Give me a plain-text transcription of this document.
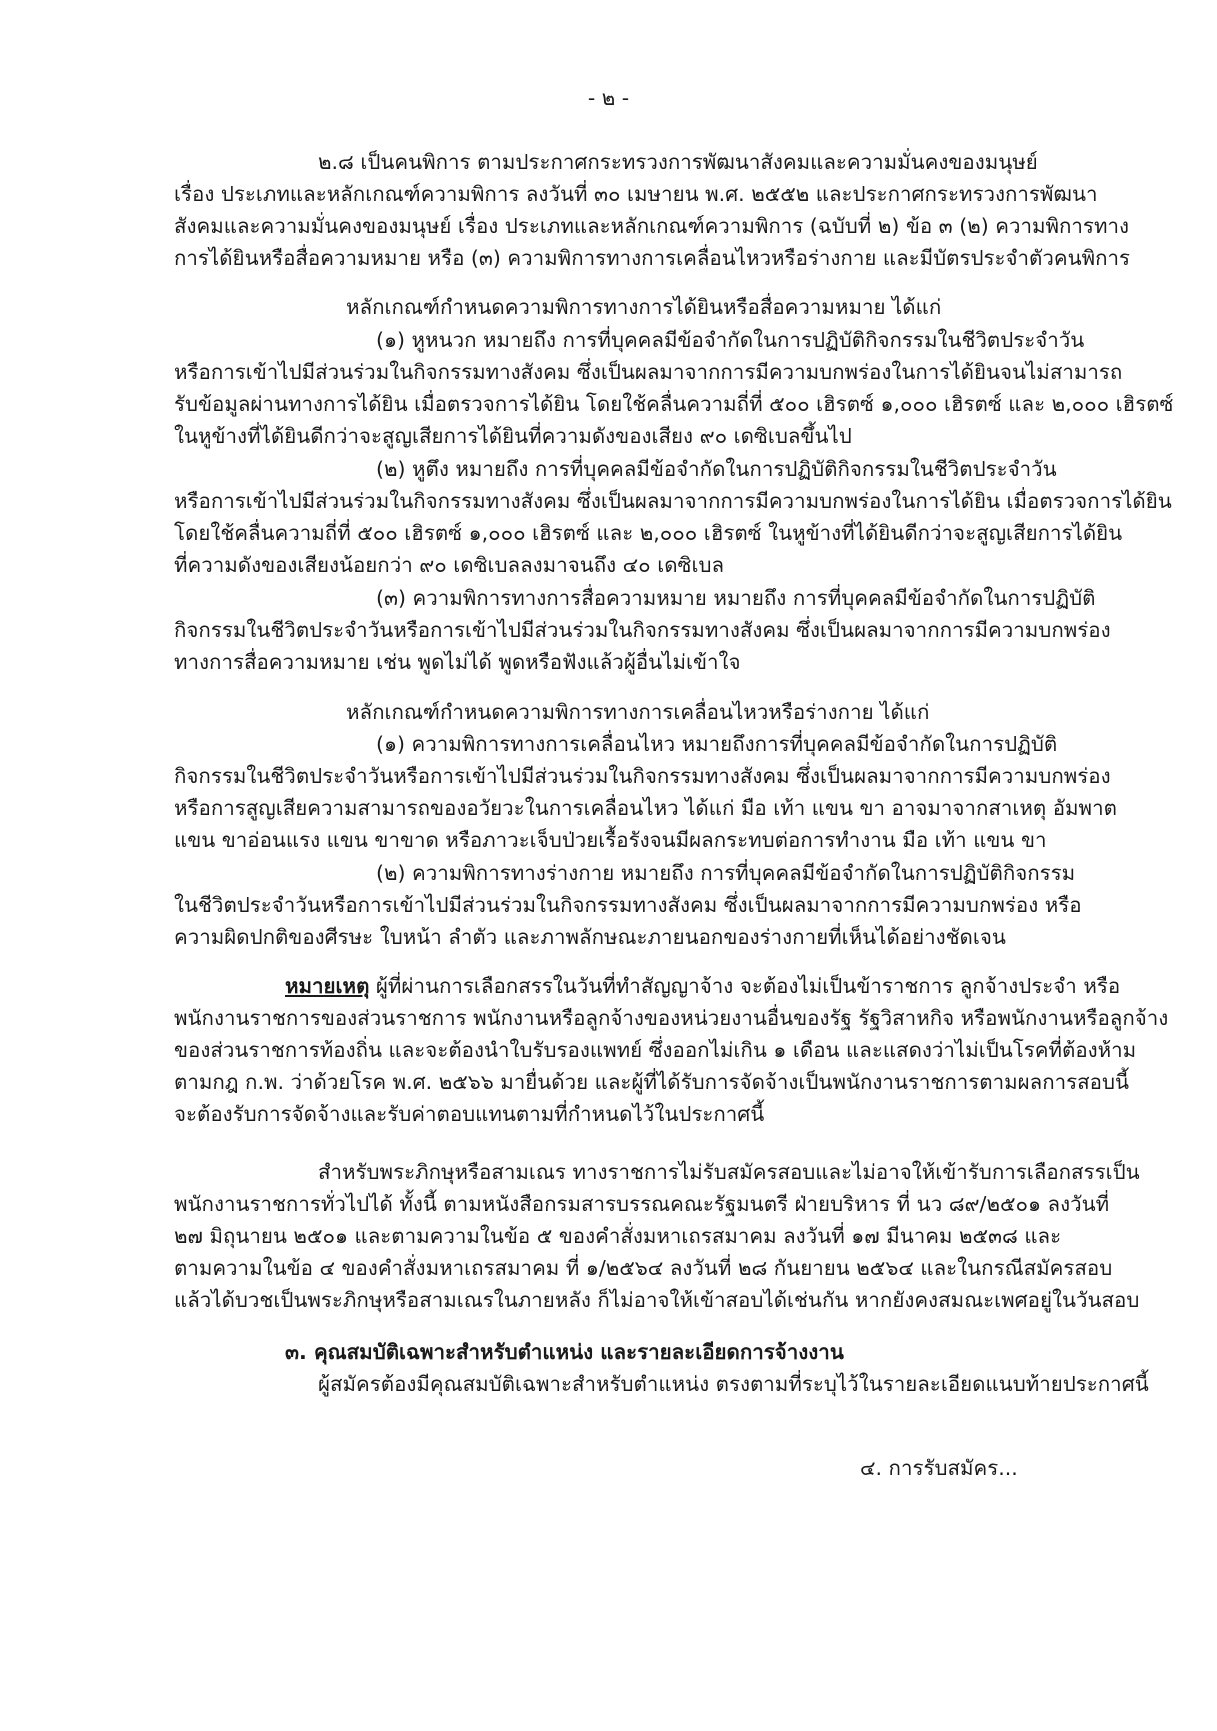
- ๒ -
๒.๘ เป็นคนพิการ ตามประกาศกระทรวงการพัฒนาสังคมและความมั่นคงของมนุษย์
เรื่อง ประเภทและหลักเกณฑ์ความพิการ ลงวันที่ ๓๐ เมษายน พ.ศ. ๒๕๕๒ และประกาศกระทรวงการพัฒนา
สังคมและความมั่นคงของมนุษย์ เรื่อง ประเภทและหลักเกณฑ์ความพิการ (ฉบับที่ ๒) ข้อ ๓ (๒) ความพิการทาง
การได้ยินหรือสื่อความหมาย หรือ (๓) ความพิการทางการเคลื่อนไหวหรือร่างกาย และมีบัตรประจำตัวคนพิการ
หลักเกณฑ์กำหนดความพิการทางการได้ยินหรือสื่อความหมาย ได้แก่
(๑) หูหนวก หมายถึง การที่บุคคลมีข้อจำกัดในการปฏิบัติกิจกรรมในชีวิตประจำวัน
หรือการเข้าไปมีส่วนร่วมในกิจกรรมทางสังคม ซึ่งเป็นผลมาจากการมีความบกพร่องในการได้ยินจนไม่สามารถ
รับข้อมูลผ่านทางการได้ยิน เมื่อตรวจการได้ยิน โดยใช้คลื่นความถี่ที่ ๕๐๐ เฮิรตซ์ ๑,๐๐๐ เฮิรตซ์ และ ๒,๐๐๐ เฮิรตซ์
ในหูข้างที่ได้ยินดีกว่าจะสูญเสียการได้ยินที่ความดังของเสียง ๙๐ เดซิเบลขึ้นไป
(๒) หูตึง หมายถึง การที่บุคคลมีข้อจำกัดในการปฏิบัติกิจกรรมในชีวิตประจำวัน
หรือการเข้าไปมีส่วนร่วมในกิจกรรมทางสังคม ซึ่งเป็นผลมาจากการมีความบกพร่องในการได้ยิน เมื่อตรวจการได้ยิน
โดยใช้คลื่นความถี่ที่ ๕๐๐ เฮิรตซ์ ๑,๐๐๐ เฮิรตซ์ และ ๒,๐๐๐ เฮิรตซ์ ในหูข้างที่ได้ยินดีกว่าจะสูญเสียการได้ยิน
ที่ความดังของเสียงน้อยกว่า ๙๐ เดซิเบลลงมาจนถึง ๔๐ เดซิเบล
(๓) ความพิการทางการสื่อความหมาย หมายถึง การที่บุคคลมีข้อจำกัดในการปฏิบัติ
กิจกรรมในชีวิตประจำวันหรือการเข้าไปมีส่วนร่วมในกิจกรรมทางสังคม ซึ่งเป็นผลมาจากการมีความบกพร่อง
ทางการสื่อความหมาย เช่น พูดไม่ได้ พูดหรือฟังแล้วผู้อื่นไม่เข้าใจ
หลักเกณฑ์กำหนดความพิการทางการเคลื่อนไหวหรือร่างกาย ได้แก่
(๑) ความพิการทางการเคลื่อนไหว หมายถึงการที่บุคคลมีข้อจำกัดในการปฏิบัติ
กิจกรรมในชีวิตประจำวันหรือการเข้าไปมีส่วนร่วมในกิจกรรมทางสังคม ซึ่งเป็นผลมาจากการมีความบกพร่อง
หรือการสูญเสียความสามารถของอวัยวะในการเคลื่อนไหว ได้แก่ มือ เท้า แขน ขา อาจมาจากสาเหตุ อัมพาต
แขน ขาอ่อนแรง แขน ขาขาด หรือภาวะเจ็บป่วยเรื้อรังจนมีผลกระทบต่อการทำงาน มือ เท้า แขน ขา
(๒) ความพิการทางร่างกาย หมายถึง การที่บุคคลมีข้อจำกัดในการปฏิบัติกิจกรรม
ในชีวิตประจำวันหรือการเข้าไปมีส่วนร่วมในกิจกรรมทางสังคม ซึ่งเป็นผลมาจากการมีความบกพร่อง หรือ
ความผิดปกติของศีรษะ ใบหน้า ลำตัว และภาพลักษณะภายนอกของร่างกายที่เห็นได้อย่างชัดเจน
หมายเหตุ ผู้ที่ผ่านการเลือกสรรในวันที่ทำสัญญาจ้าง จะต้องไม่เป็นข้าราชการ ลูกจ้างประจำ หรือ
พนักงานราชการของส่วนราชการ พนักงานหรือลูกจ้างของหน่วยงานอื่นของรัฐ รัฐวิสาหกิจ หรือพนักงานหรือลูกจ้าง
ของส่วนราชการท้องถิ่น และจะต้องนำใบรับรองแพทย์ ซึ่งออกไม่เกิน ๑ เดือน และแสดงว่าไม่เป็นโรคที่ต้องห้าม
ตามกฎ ก.พ. ว่าด้วยโรค พ.ศ. ๒๕๖๖ มายื่นด้วย และผู้ที่ได้รับการจัดจ้างเป็นพนักงานราชการตามผลการสอบนี้
จะต้องรับการจัดจ้างและรับค่าตอบแทนตามที่กำหนดไว้ในประกาศนี้
สำหรับพระภิกษุหรือสามเณร ทางราชการไม่รับสมัครสอบและไม่อาจให้เข้ารับการเลือกสรรเป็น
พนักงานราชการทั่วไปได้ ทั้งนี้ ตามหนังสือกรมสารบรรณคณะรัฐมนตรี ฝ่ายบริหาร ที่ นว ๘๙/๒๕๐๑ ลงวันที่
๒๗ มิถุนายน ๒๕๐๑ และตามความในข้อ ๕ ของคำสั่งมหาเถรสมาคม ลงวันที่ ๑๗ มีนาคม ๒๕๓๘ และ
ตามความในข้อ ๔ ของคำสั่งมหาเถรสมาคม ที่ ๑/๒๕๖๔ ลงวันที่ ๒๘ กันยายน ๒๕๖๔ และในกรณีสมัครสอบ
แล้วได้บวชเป็นพระภิกษุหรือสามเณรในภายหลัง ก็ไม่อาจให้เข้าสอบได้เช่นกัน หากยังคงสมณะเพศอยู่ในวันสอบ
๓. คุณสมบัติเฉพาะสำหรับตำแหน่ง และรายละเอียดการจ้างงาน
ผู้สมัครต้องมีคุณสมบัติเฉพาะสำหรับตำแหน่ง ตรงตามที่ระบุไว้ในรายละเอียดแนบท้ายประกาศนี้
๔. การรับสมัคร...
